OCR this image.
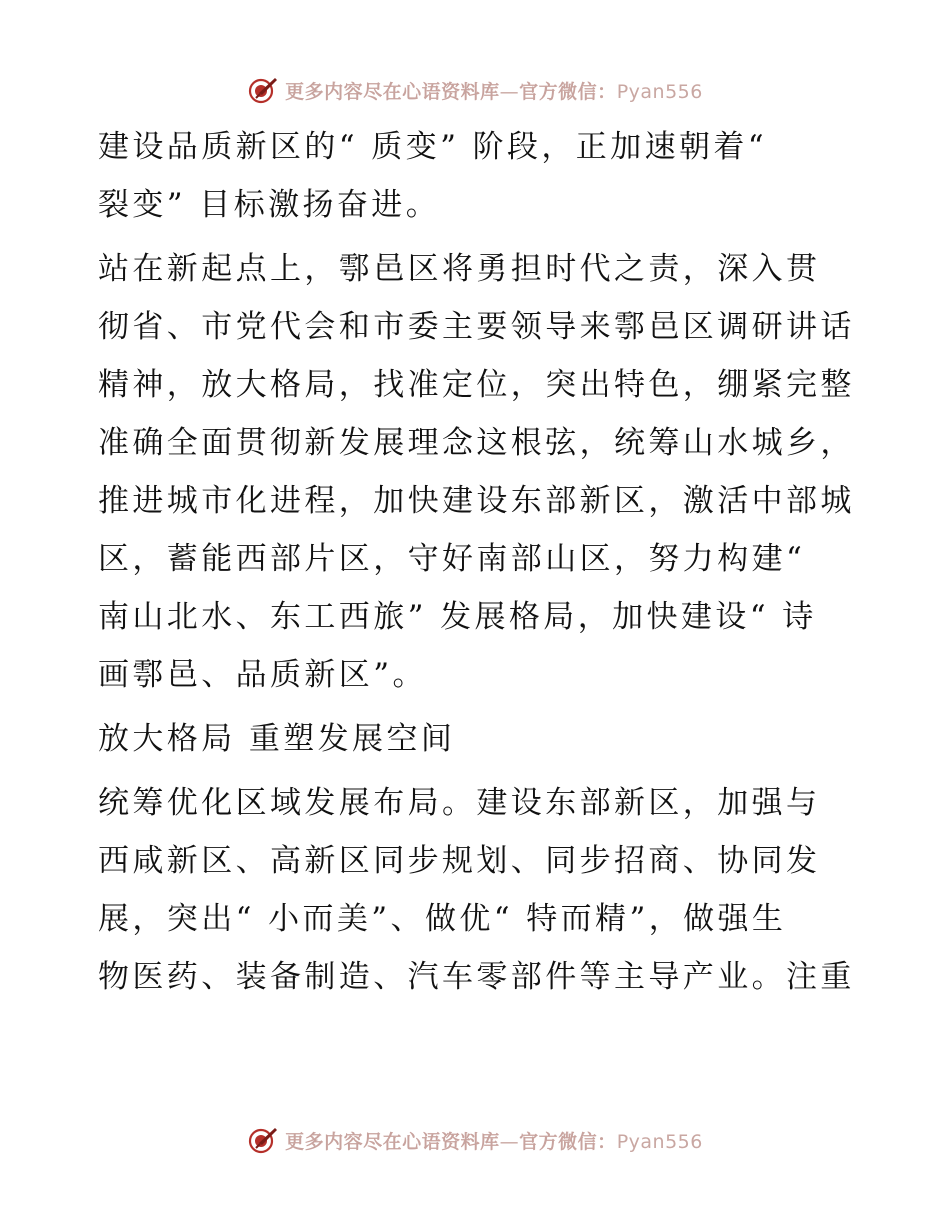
更多内容尽在心语资料库—官方微信：Pyan556

建设品质新区的“ 质变” 阶段，正加速朝着“
裂变” 目标激扬奋进。

站在新起点上，鄠邑区将勇担时代之责，深入贯
彻省、市党代会和市委主要领导来鄠邑区调研讲话
精神，放大格局，找准定位，突出特色，绷紧完整
准确全面贯彻新发展理念这根弦，统筹山水城乡，
推进城市化进程，加快建设东部新区，激活中部城
区，蓄能西部片区，守好南部山区，努力构建“
南山北水、东工西旅” 发展格局，加快建设“ 诗
画鄠邑、品质新区”。

放大格局 重塑发展空间

统筹优化区域发展布局。建设东部新区，加强与
西咸新区、高新区同步规划、同步招商、协同发
展，突出“ 小而美”、做优“ 特而精”，做强生
物医药、装备制造、汽车零部件等主导产业。注重

更多内容尽在心语资料库—官方微信：Pyan556
